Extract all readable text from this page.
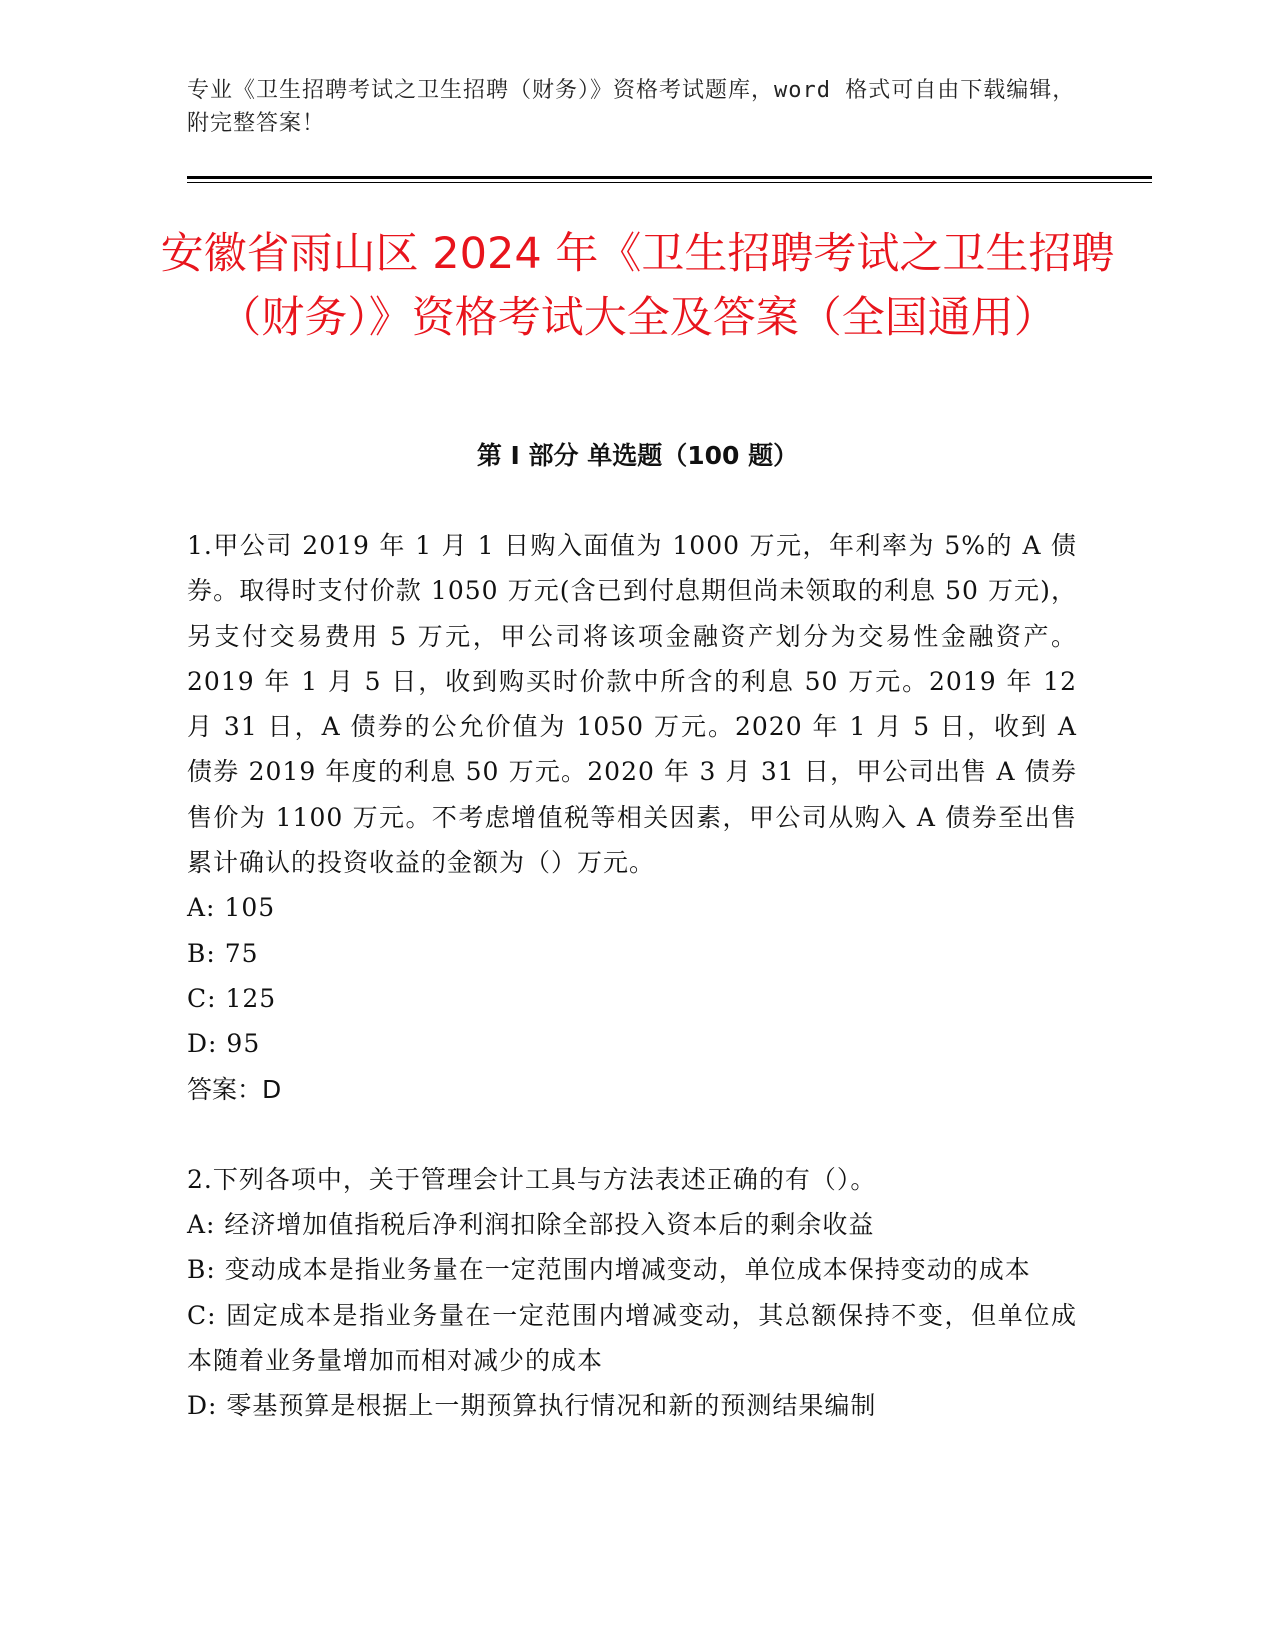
专业《卫生招聘考试之卫生招聘（财务）》资格考试题库，word 格式可自由下载编辑，附完整答案！
安徽省雨山区 2024 年《卫生招聘考试之卫生招聘（财务）》资格考试大全及答案（全国通用）
第 I 部分 单选题（100 题）

1.甲公司 2019 年 1 月 1 日购入面值为 1000 万元，年利率为 5%的 A 债券。取得时支付价款 1050 万元(含已到付息期但尚未领取的利息 50 万元)，另支付交易费用 5 万元，甲公司将该项金融资产划分为交易性金融资产。2019 年 1 月 5 日，收到购买时价款中所含的利息 50 万元。2019 年 12 月 31 日，A 债券的公允价值为 1050 万元。2020 年 1 月 5 日，收到 A 债券 2019 年度的利息 50 万元。2020 年 3 月 31 日，甲公司出售 A 债券售价为 1100 万元。不考虑增值税等相关因素，甲公司从购入 A 债券至出售累计确认的投资收益的金额为（）万元。

A: 105

B: 75

C: 125

D: 95

答案：D

2.下列各项中，关于管理会计工具与方法表述正确的有（）。

A: 经济增加值指税后净利润扣除全部投入资本后的剩余收益

B: 变动成本是指业务量在一定范围内增减变动，单位成本保持变动的成本

C: 固定成本是指业务量在一定范围内增减变动，其总额保持不变，但单位成本随着业务量增加而相对减少的成本

D: 零基预算是根据上一期预算执行情况和新的预测结果编制
